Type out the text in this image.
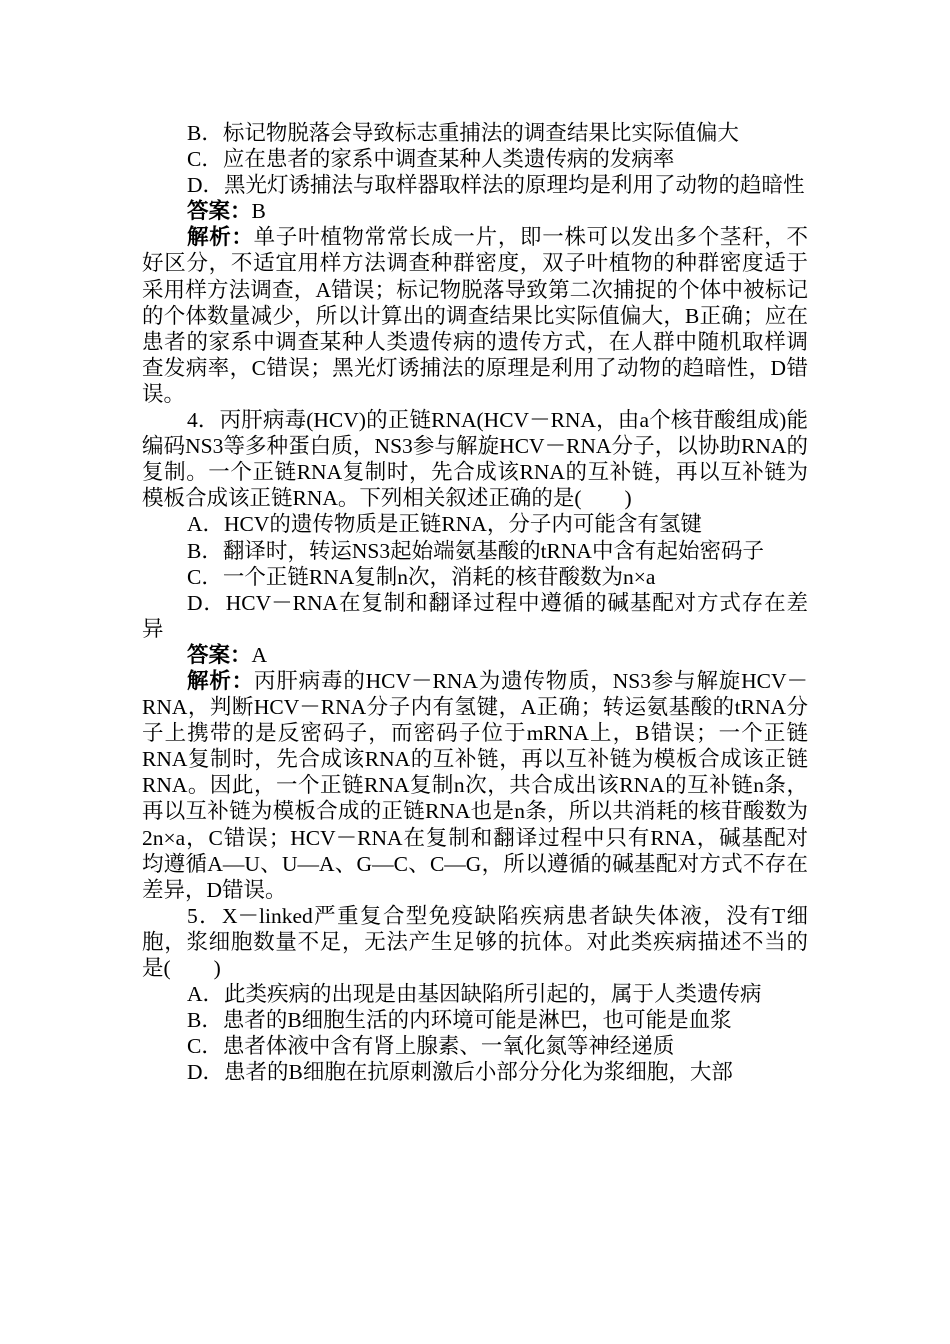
B．标记物脱落会导致标志重捕法的调查结果比实际值偏大

C．应在患者的家系中调查某种人类遗传病的发病率

D．黑光灯诱捕法与取样器取样法的原理均是利用了动物的趋暗性

答案：B

解析：单子叶植物常常长成一片，即一株可以发出多个茎秆，不好区分，不适宜用样方法调查种群密度，双子叶植物的种群密度适于采用样方法调查，A错误；标记物脱落导致第二次捕捉的个体中被标记的个体数量减少，所以计算出的调查结果比实际值偏大，B正确；应在患者的家系中调查某种人类遗传病的遗传方式，在人群中随机取样调查发病率，C错误；黑光灯诱捕法的原理是利用了动物的趋暗性，D错误。

4．丙肝病毒(HCV)的正链RNA(HCV－RNA，由a个核苷酸组成)能编码NS3等多种蛋白质，NS3参与解旋HCV－RNA分子，以协助RNA的复制。一个正链RNA复制时，先合成该RNA的互补链，再以互补链为模板合成该正链RNA。下列相关叙述正确的是(　　)

A．HCV的遗传物质是正链RNA，分子内可能含有氢键

B．翻译时，转运NS3起始端氨基酸的tRNA中含有起始密码子

C．一个正链RNA复制n次，消耗的核苷酸数为n×a

D．HCV－RNA在复制和翻译过程中遵循的碱基配对方式存在差异

答案：A

解析：丙肝病毒的HCV－RNA为遗传物质，NS3参与解旋HCV－RNA，判断HCV－RNA分子内有氢键，A正确；转运氨基酸的tRNA分子上携带的是反密码子，而密码子位于mRNA上，B错误；一个正链RNA复制时，先合成该RNA的互补链，再以互补链为模板合成该正链RNA。因此，一个正链RNA复制n次，共合成出该RNA的互补链n条，再以互补链为模板合成的正链RNA也是n条，所以共消耗的核苷酸数为2n×a，C错误；HCV－RNA在复制和翻译过程中只有RNA，碱基配对均遵循A—U、U—A、G—C、C—G，所以遵循的碱基配对方式不存在差异，D错误。

5．X－linked严重复合型免疫缺陷疾病患者缺失体液，没有T细胞，浆细胞数量不足，无法产生足够的抗体。对此类疾病描述不当的是(　　)

A．此类疾病的出现是由基因缺陷所引起的，属于人类遗传病

B．患者的B细胞生活的内环境可能是淋巴，也可能是血浆

C．患者体液中含有肾上腺素、一氧化氮等神经递质

D．患者的B细胞在抗原刺激后小部分分化为浆细胞，大部
